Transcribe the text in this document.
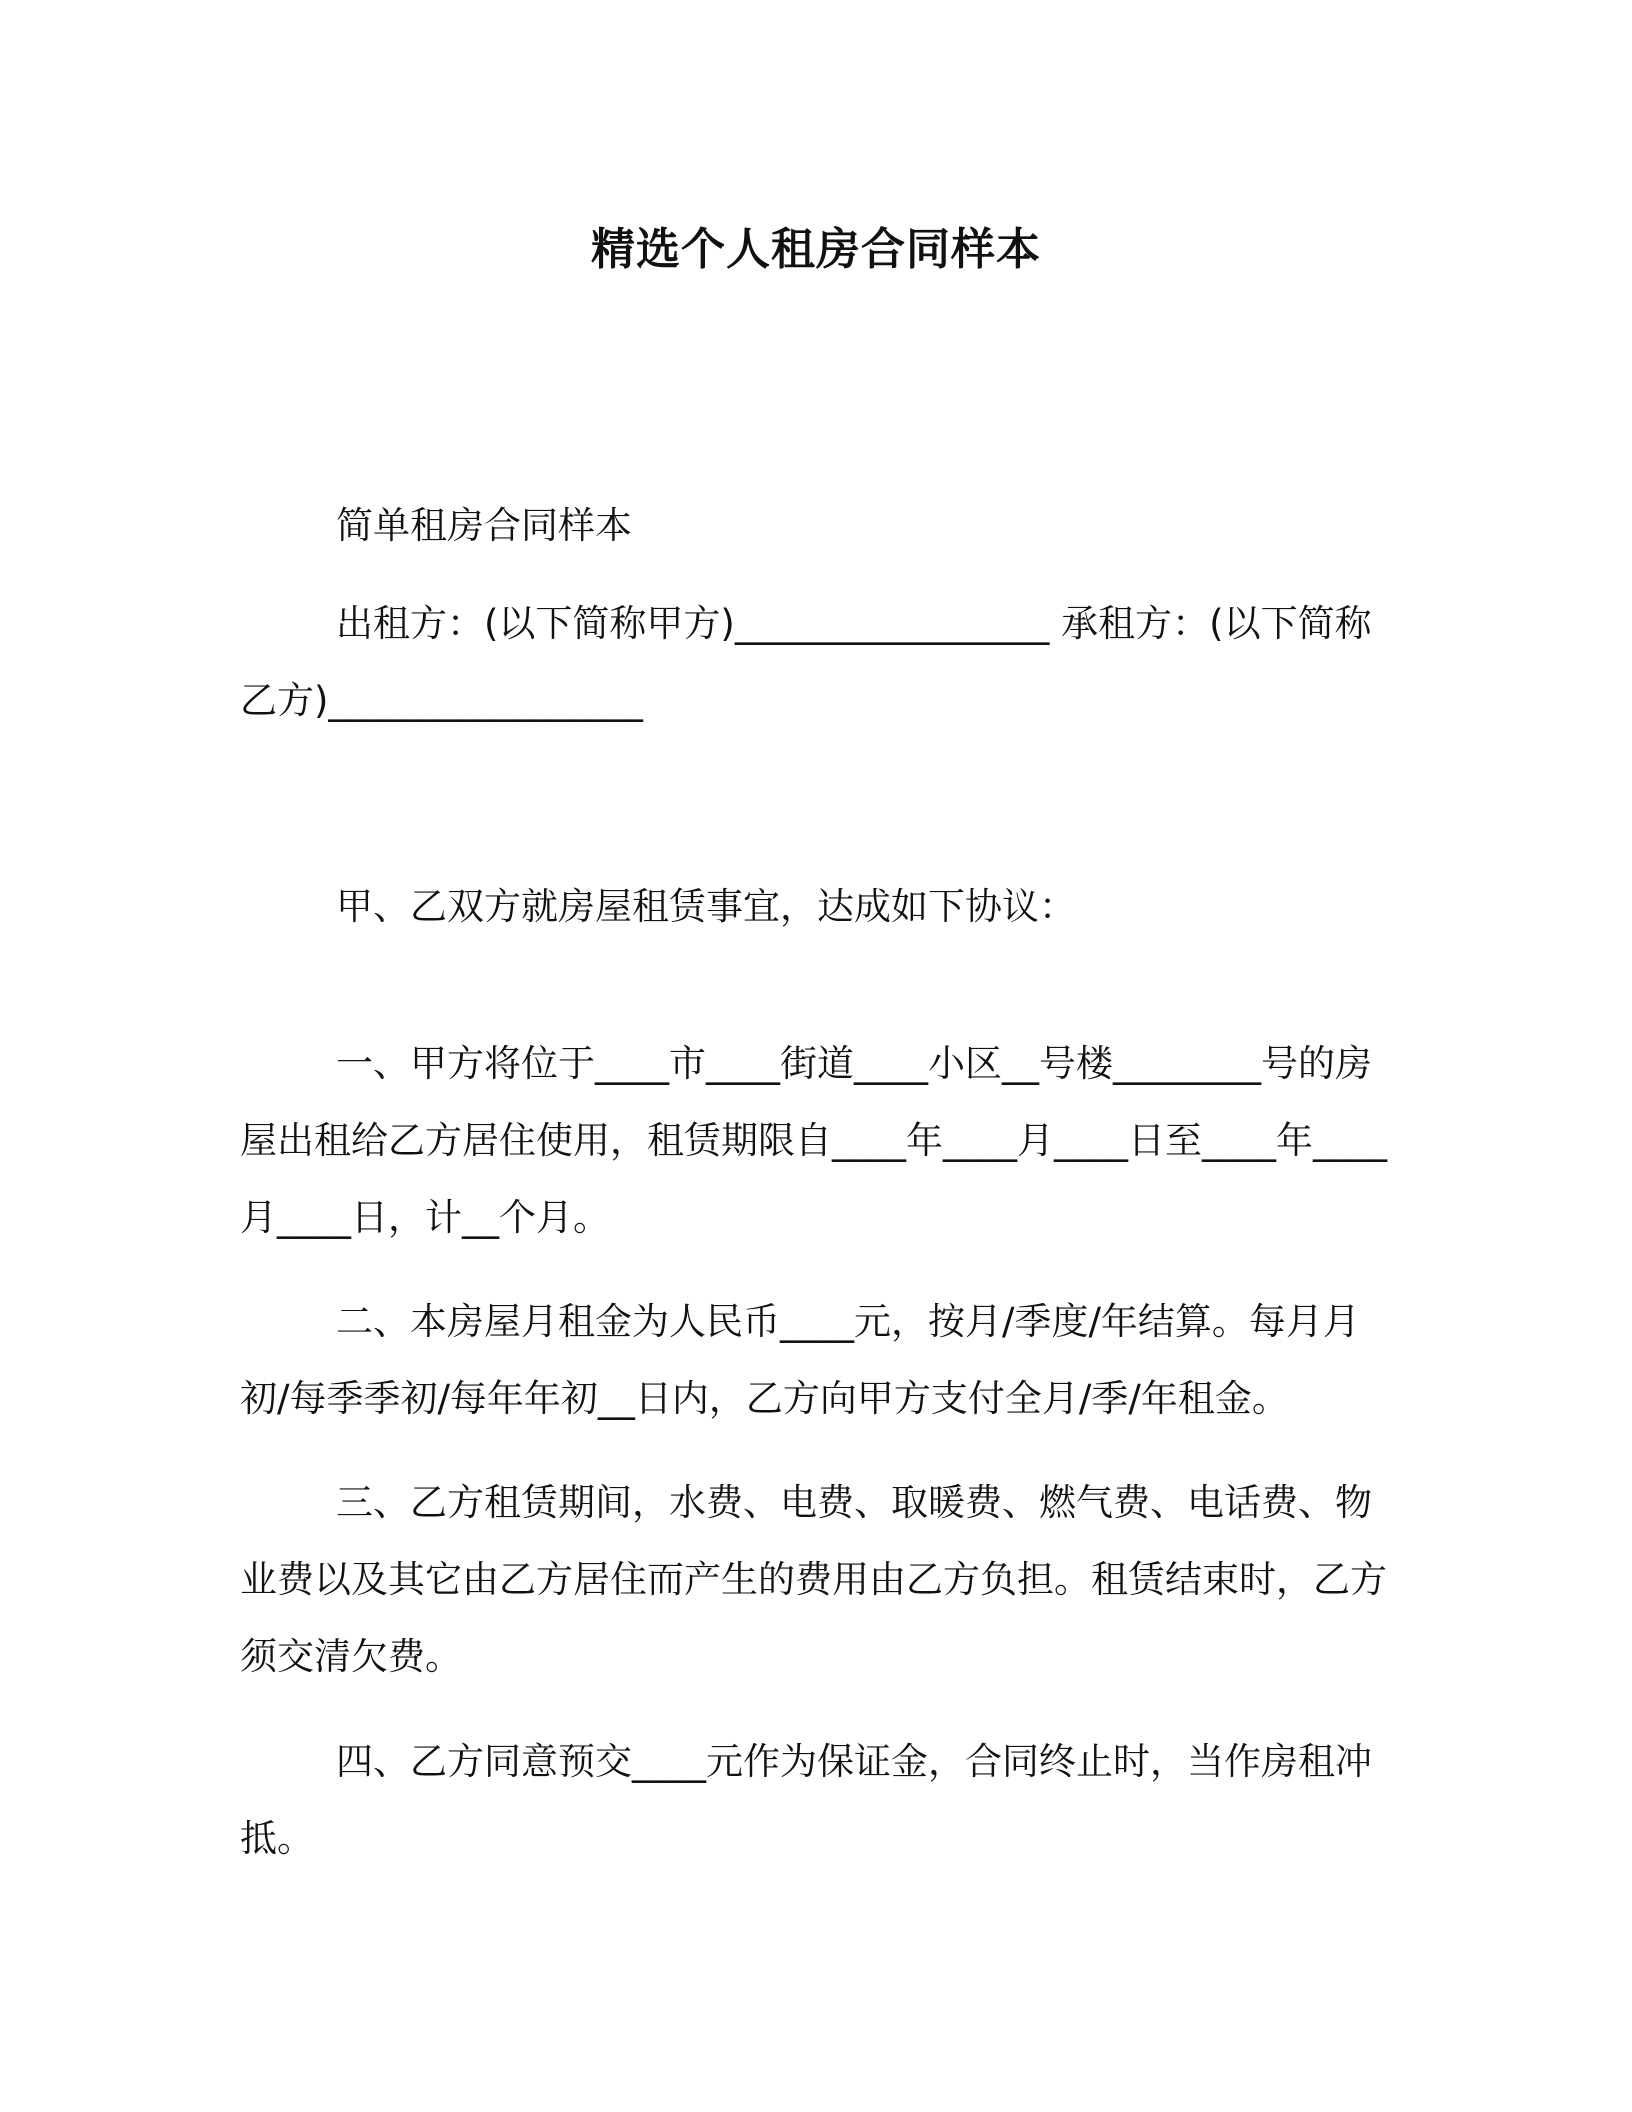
精选个人租房合同样本

简单租房合同样本

出租方：(以下简称甲方)_________________ 承租方：(以下简称乙方)_________________

甲、乙双方就房屋租赁事宜，达成如下协议：

一、甲方将位于____市____街道____小区__号楼________号的房屋出租给乙方居住使用，租赁期限自____年____月____日至____年____月____日，计__个月。

二、本房屋月租金为人民币____元，按月/季度/年结算。每月月初/每季季初/每年年初__日内，乙方向甲方支付全月/季/年租金。

三、乙方租赁期间，水费、电费、取暖费、燃气费、电话费、物业费以及其它由乙方居住而产生的费用由乙方负担。租赁结束时，乙方须交清欠费。

四、乙方同意预交____元作为保证金，合同终止时，当作房租冲抵。
